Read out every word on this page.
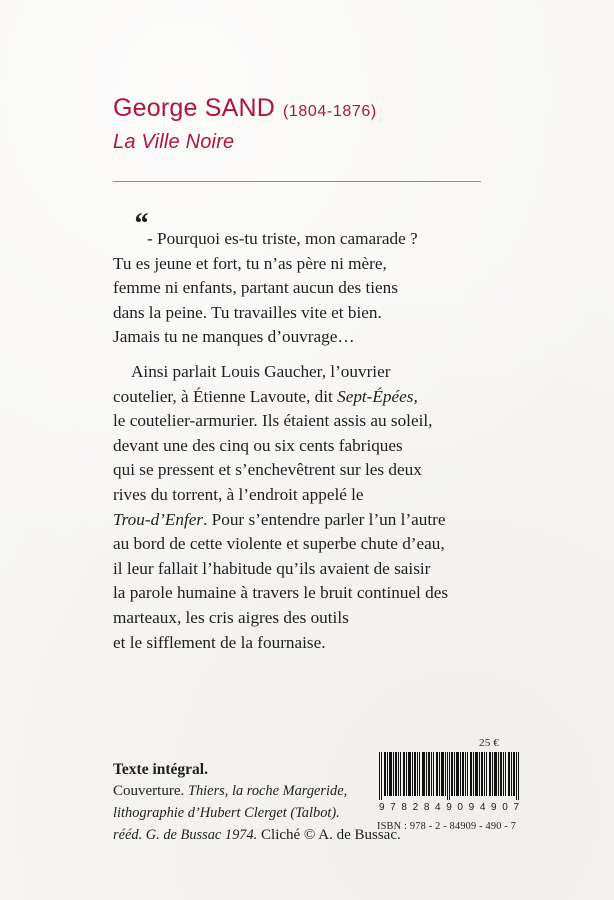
George SAND (1804-1876)
La Ville Noire
“ - Pourquoi es-tu triste, mon camarade ?
Tu es jeune et fort, tu n’as père ni mère,
femme ni enfants, partant aucun des tiens
dans la peine. Tu travailles vite et bien.
Jamais tu ne manques d’ouvrage…
Ainsi parlait Louis Gaucher, l’ouvrier
coutelier, à Étienne Lavoute, dit Sept-Épées,
le coutelier-armurier. Ils étaient assis au soleil,
devant une des cinq ou six cents fabriques
qui se pressent et s’enchevêtrent sur les deux
rives du torrent, à l’endroit appelé le
Trou-d’Enfer. Pour s’entendre parler l’un l’autre
au bord de cette violente et superbe chute d’eau,
il leur fallait l’habitude qu’ils avaient de saisir
la parole humaine à travers le bruit continuel des
marteaux, les cris aigres des outils
et le sifflement de la fournaise.
25 €
9 7 8 2 8 4 9 0 9 4 9 0 7
ISBN : 978 - 2 - 84909 - 490 - 7
Texte intégral.
Couverture. Thiers, la roche Margeride,
lithographie d’Hubert Clerget (Talbot).
rééd. G. de Bussac 1974. Cliché © A. de Bussac.
